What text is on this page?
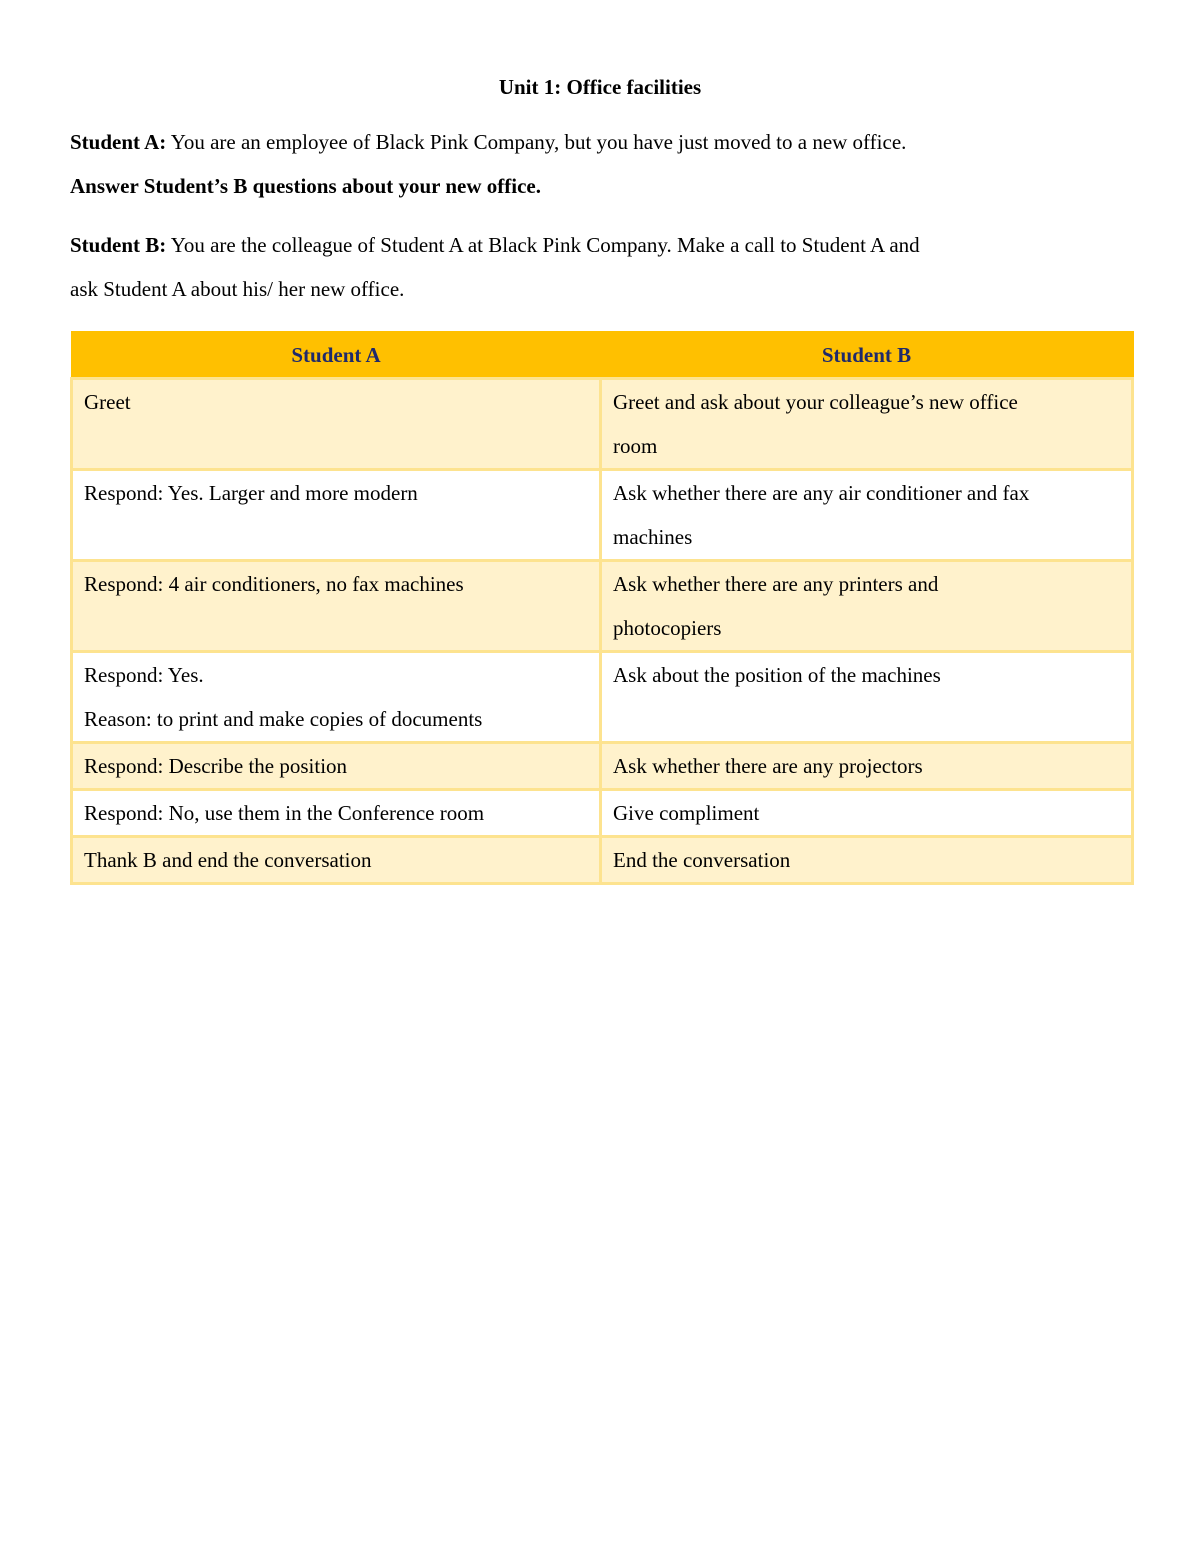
Unit 1: Office facilities

Student A: You are an employee of Black Pink Company, but you have just moved to a new office.
Answer Student’s B questions about your new office.

Student B: You are the colleague of Student A at Black Pink Company. Make a call to Student A and
ask Student A about his/ her new office.

Student A	Student B

Greet	Greet and ask about your colleague’s new office
room

Respond: Yes. Larger and more modern	Ask whether there are any air conditioner and fax
machines

Respond: 4 air conditioners, no fax machines	Ask whether there are any printers and
photocopiers

Respond: Yes.
Reason: to print and make copies of documents	Ask about the position of the machines

Respond: Describe the position	Ask whether there are any projectors

Respond: No, use them in the Conference room	Give compliment

Thank B and end the conversation	End the conversation
